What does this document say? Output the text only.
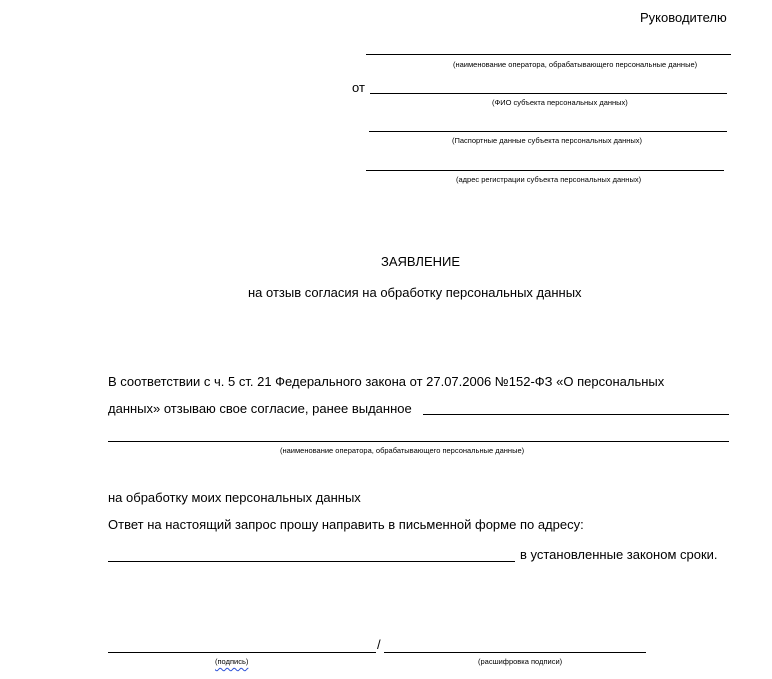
Руководителю
(наименование оператора, обрабатывающего персональные данные)
от
(ФИО субъекта персональных данных)
(Паспортные данные субъекта персональных данных)
(адрес регистрации субъекта персональных данных)
ЗАЯВЛЕНИЕ
на отзыв согласия на обработку персональных данных
В соответствии с ч. 5 ст. 21 Федерального закона от 27.07.2006 №152-ФЗ «О персональных
данных» отзываю свое согласие, ранее выданное
(наименование оператора, обрабатывающего персональные данные)
на обработку моих персональных данных
Ответ на настоящий запрос прошу направить в письменной форме по адресу:
в установленные законом сроки.
/
(подпись)	(расшифровка подписи)
